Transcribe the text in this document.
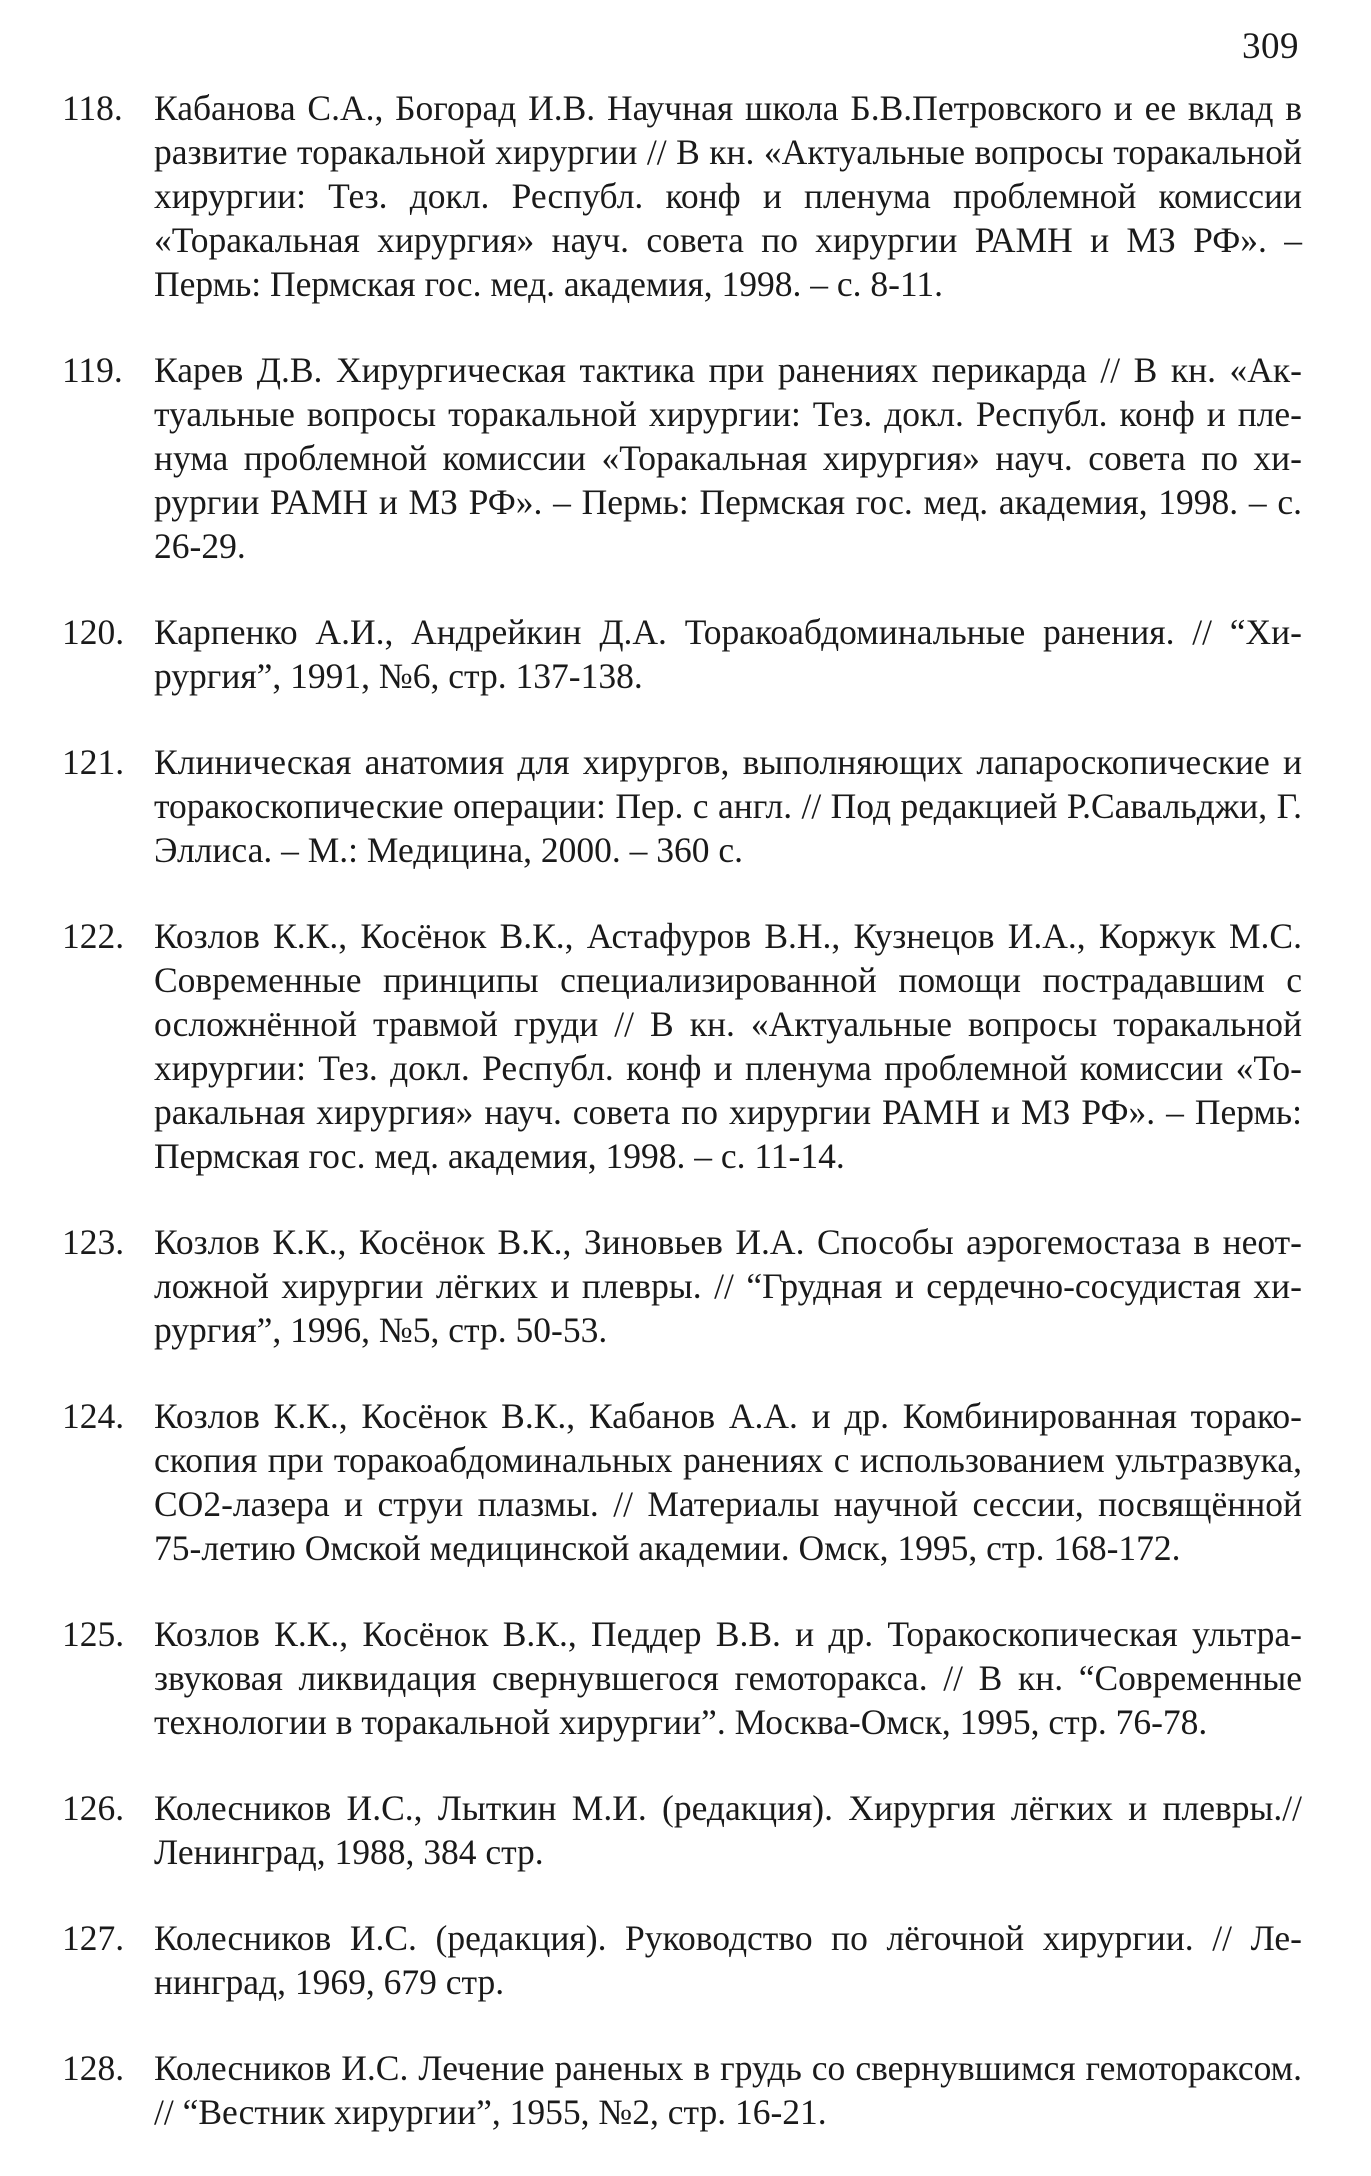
309
118. Кабанова С.А., Богорад И.В. Научная школа Б.В.Петровского и ее вклад в развитие торакальной хирургии // В кн. «Актуальные вопросы торакальной хирургии: Тез. докл. Республ. конф и пленума проблемной комиссии «Торакальная хирургия» науч. совета по хирургии РАМН и МЗ РФ». – Пермь: Пермская гос. мед. академия, 1998. – с. 8-11.
119. Карев Д.В. Хирургическая тактика при ранениях перикарда // В кн. «Актуальные вопросы торакальной хирургии: Тез. докл. Республ. конф и пленума проблемной комиссии «Торакальная хирургия» науч. совета по хирургии РАМН и МЗ РФ». – Пермь: Пермская гос. мед. академия, 1998. – с. 26-29.
120. Карпенко А.И., Андрейкин Д.А. Торакоабдоминальные ранения. // “Хирургия”, 1991, №6, стр. 137-138.
121. Клиническая анатомия для хирургов, выполняющих лапароскопические и торакоскопические операции: Пер. с англ. // Под редакцией Р.Савальджи, Г. Эллиса. – М.: Медицина, 2000. – 360 с.
122. Козлов К.К., Косёнок В.К., Астафуров В.Н., Кузнецов И.А., Коржук М.С. Современные принципы специализированной помощи пострадавшим с осложнённой травмой груди // В кн. «Актуальные вопросы торакальной хирургии: Тез. докл. Республ. конф и пленума проблемной комиссии «Торакальная хирургия» науч. совета по хирургии РАМН и МЗ РФ». – Пермь: Пермская гос. мед. академия, 1998. – с. 11-14.
123. Козлов К.К., Косёнок В.К., Зиновьев И.А. Способы аэрогемостаза в неотложной хирургии лёгких и плевры. // “Грудная и сердечно-сосудистая хирургия”, 1996, №5, стр. 50-53.
124. Козлов К.К., Косёнок В.К., Кабанов А.А. и др. Комбинированная торакоскопия при торакоабдоминальных ранениях с использованием ультразвука, СО2-лазера и струи плазмы. // Материалы научной сессии, посвящённой 75-летию Омской медицинской академии. Омск, 1995, стр. 168-172.
125. Козлов К.К., Косёнок В.К., Педдер В.В. и др. Торакоскопическая ультразвуковая ликвидация свернувшегося гемоторакса. // В кн. “Современные технологии в торакальной хирургии”. Москва-Омск, 1995, стр. 76-78.
126. Колесников И.С., Лыткин М.И. (редакция). Хирургия лёгких и плевры.// Ленинград, 1988, 384 стр.
127. Колесников И.С. (редакция). Руководство по лёгочной хирургии. // Ленинград, 1969, 679 стр.
128. Колесников И.С. Лечение раненых в грудь со свернувшимся гемотораксом. // “Вестник хирургии”, 1955, №2, стр. 16-21.
